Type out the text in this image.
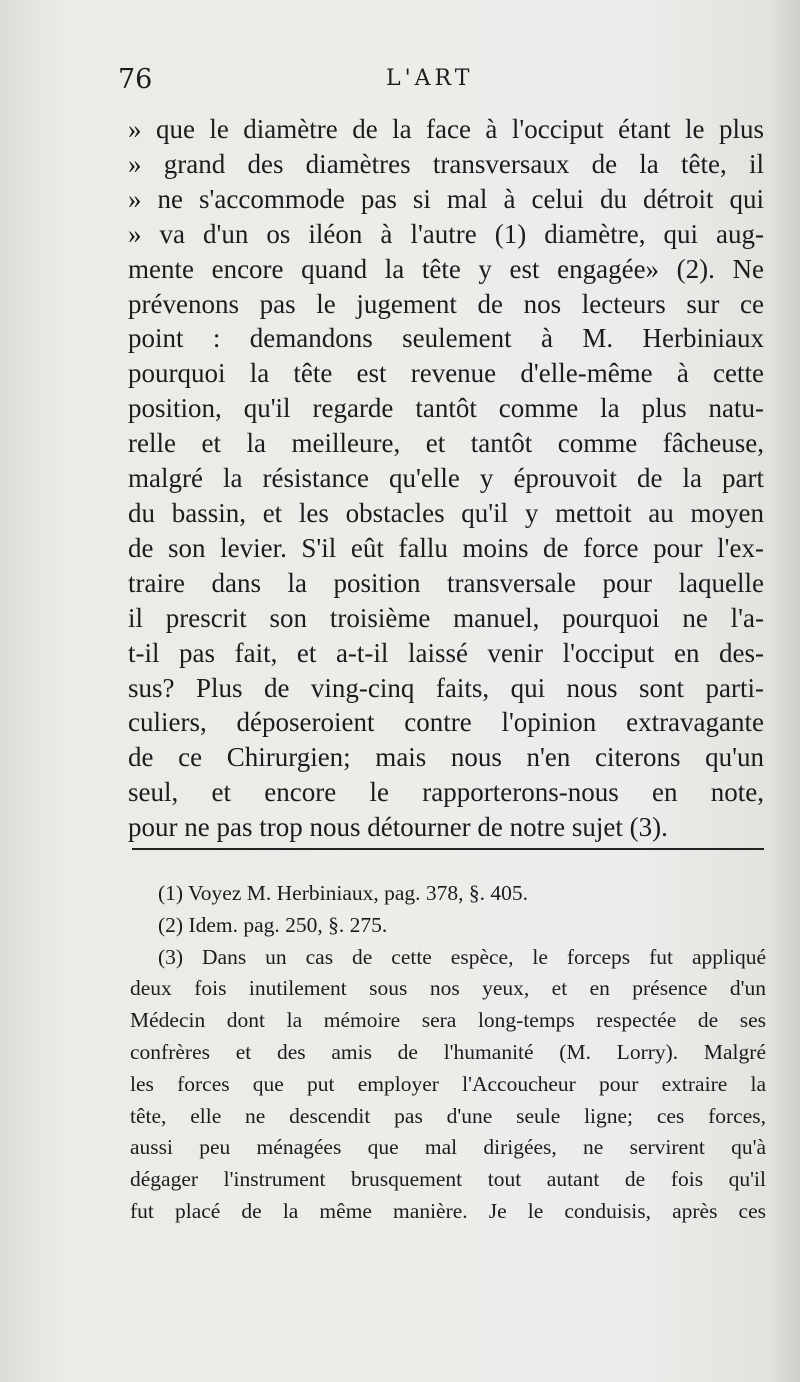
76	L'ART
» que le diamètre de la face à l'occiput étant le plus
» grand des diamètres transversaux de la tête, il
» ne s'accommode pas si mal à celui du détroit qui
» va d'un os iléon à l'autre (1) diamètre, qui aug-
mente encore quand la tête y est engagée» (2). Ne
prévenons pas le jugement de nos lecteurs sur ce
point : demandons seulement à M. Herbiniaux
pourquoi la tête est revenue d'elle-même à cette
position, qu'il regarde tantôt comme la plus natu-
relle et la meilleure, et tantôt comme fâcheuse,
malgré la résistance qu'elle y éprouvoit de la part
du bassin, et les obstacles qu'il y mettoit au moyen
de son levier. S'il eût fallu moins de force pour l'ex-
traire dans la position transversale pour laquelle
il prescrit son troisième manuel, pourquoi ne l'a-
t-il pas fait, et a-t-il laissé venir l'occiput en des-
sus? Plus de ving-cinq faits, qui nous sont parti-
culiers, déposeroient contre l'opinion extravagante
de ce Chirurgien; mais nous n'en citerons qu'un
seul, et encore le rapporterons-nous en note,
pour ne pas trop nous détourner de notre sujet (3).
(1) Voyez M. Herbiniaux, pag. 378, §. 405.
(2) Idem. pag. 250, §. 275.
(3) Dans un cas de cette espèce, le forceps fut appliqué
deux fois inutilement sous nos yeux, et en présence d'un
Médecin dont la mémoire sera long-temps respectée de ses
confrères et des amis de l'humanité (M. Lorry). Malgré
les forces que put employer l'Accoucheur pour extraire la
tête, elle ne descendit pas d'une seule ligne; ces forces,
aussi peu ménagées que mal dirigées, ne servirent qu'à
dégager l'instrument brusquement tout autant de fois qu'il
fut placé de la même manière. Je le conduisis, après ces
